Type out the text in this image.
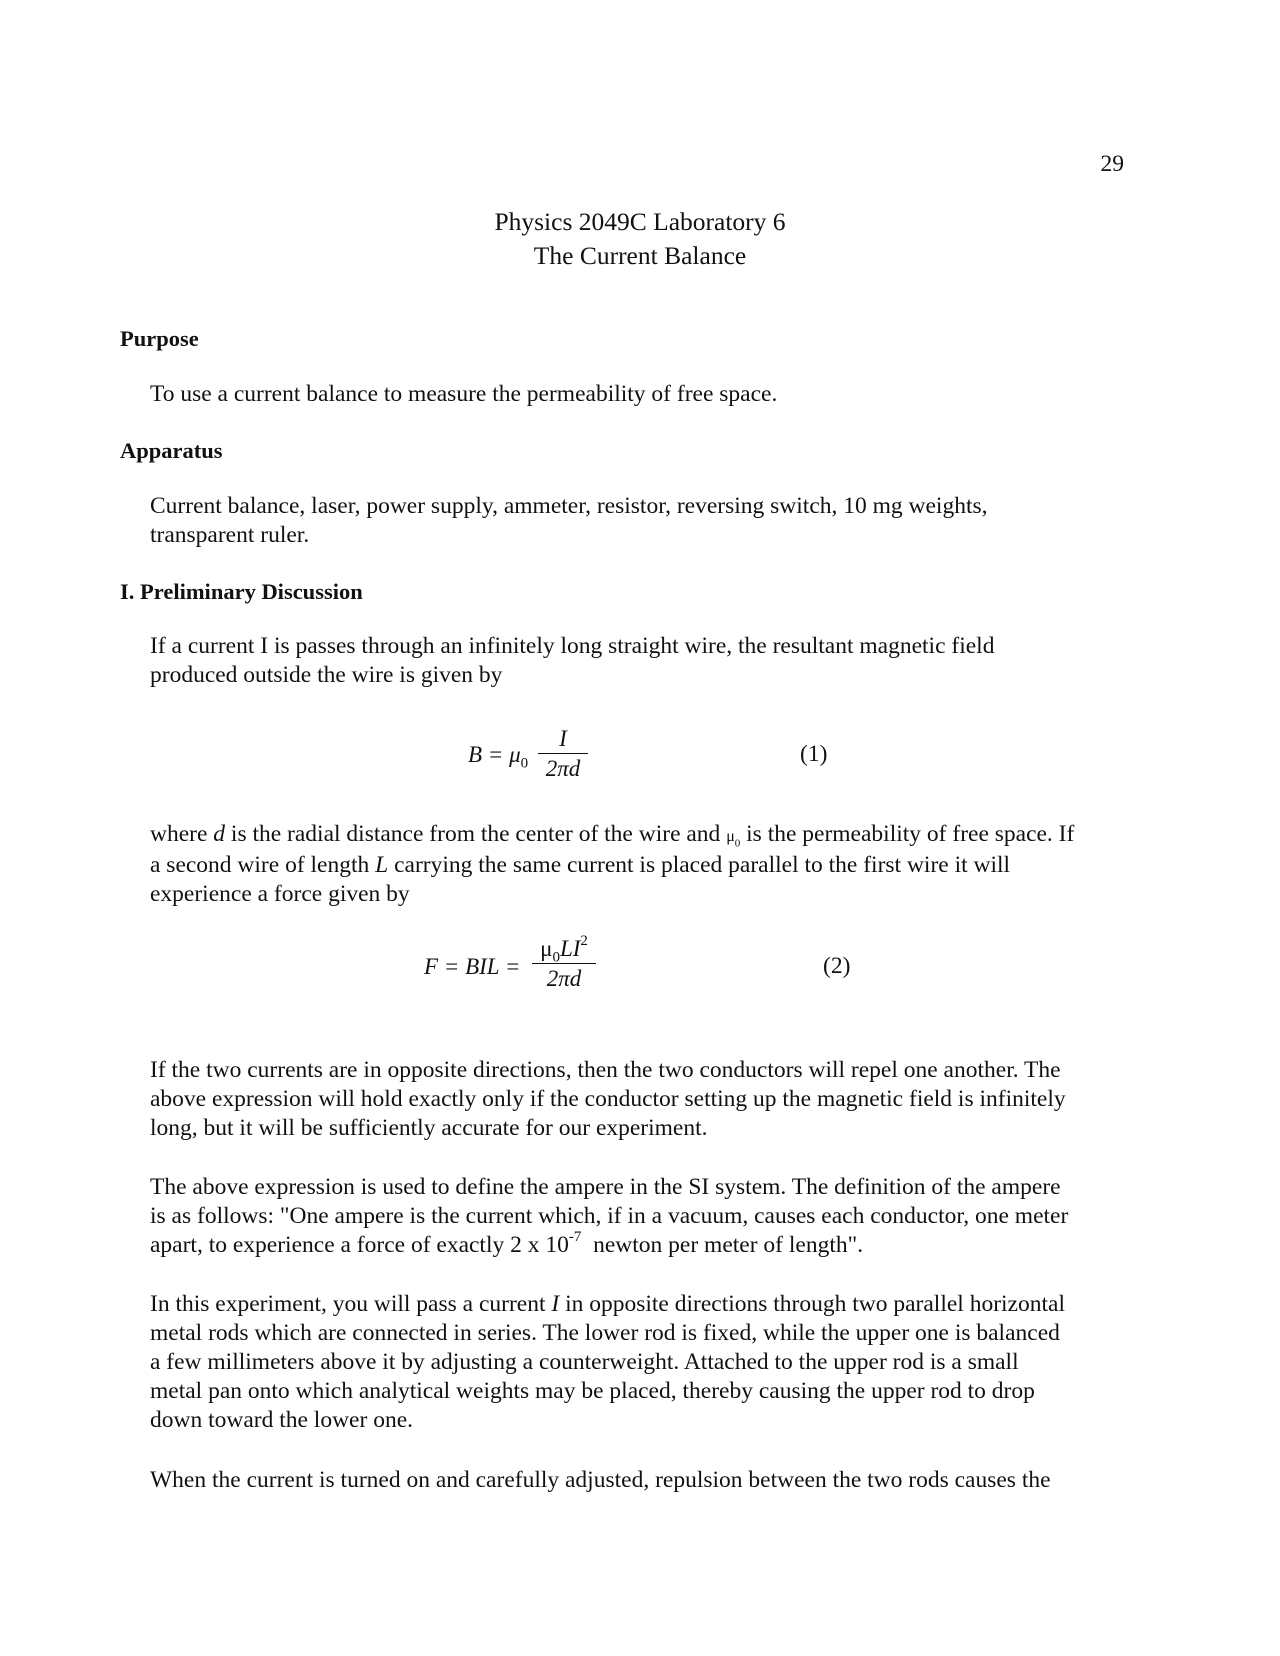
29
Physics 2049C Laboratory 6
The Current Balance
Purpose

To use a current balance to measure the permeability of free space.

Apparatus
Current balance, laser, power supply, ammeter, resistor, reversing switch, 10 mg weights,
transparent ruler.
I. Preliminary Discussion
If a current I is passes through an infinitely long straight wire, the resultant magnetic field
produced outside the wire is given by
$B = \mu_0$
I
2πd
(1)
where d is the radial distance from the center of the wire and $\mu_0$ is the permeability of free space. If
a second wire of length L carrying the same current is placed parallel to the first wire it will
experience a force given by
F = BIL =
$\mu_0LI^2$
2πd	(2)
If the two currents are in opposite directions, then the two conductors will repel one another. The
above expression will hold exactly only if the conductor setting up the magnetic field is infinitely
long, but it will be sufficiently accurate for our experiment.
The above expression is used to define the ampere in the SI system. The definition of the ampere
is as follows: "One ampere is the current which, if in a vacuum, causes each conductor, one meter
apart, to experience a force of exactly 2 x $10^{-7}$  newton per meter of length".
In this experiment, you will pass a current I in opposite directions through two parallel horizontal
metal rods which are connected in series. The lower rod is fixed, while the upper one is balanced
a few millimeters above it by adjusting a counterweight. Attached to the upper rod is a small
metal pan onto which analytical weights may be placed, thereby causing the upper rod to drop
down toward the lower one.
When the current is turned on and carefully adjusted, repulsion between the two rods causes the
